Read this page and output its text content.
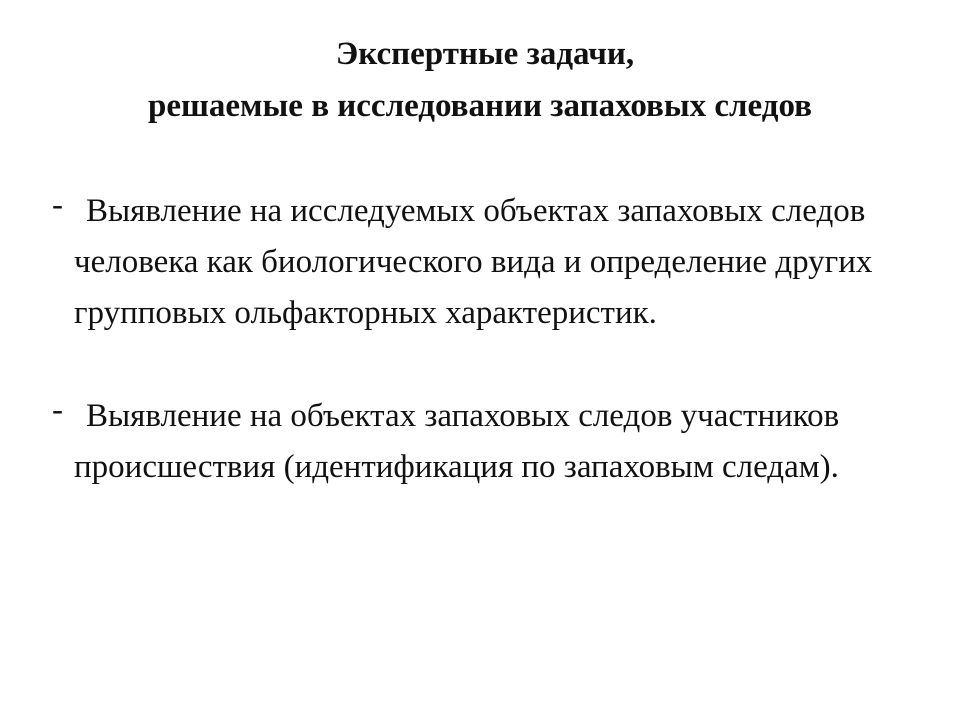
Экспертные задачи,
решаемые в исследовании запаховых следов
- Выявление на исследуемых объектах запаховых следов человека как биологического вида и определение других групповых ольфакторных характеристик.
- Выявление на объектах запаховых следов участников происшествия (идентификация по запаховым следам).
